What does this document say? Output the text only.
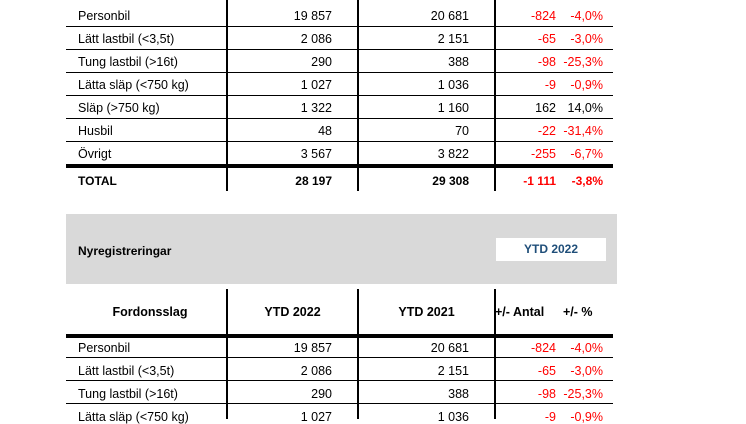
Personbil	19 857	20 681	-824 -4,0%
Lätt lastbil (<3,5t)	2 086	2 151	-65 -3,0%
Tung lastbil (>16t)	290	388	-98 -25,3%
Lätta släp (<750 kg)	1 027	1 036	-9 -0,9%
Släp (>750 kg)	1 322	1 160	162 14,0%
Husbil	48	70	-22 -31,4%
Övrigt	3 567	3 822	-255 -6,7%
TOTAL	28 197	29 308	-1 111 -3,8%
Nyregistreringar	YTD 2022
Fordonsslag	YTD 2022	YTD 2021	+/- Antal +/- %
Personbil	19 857	20 681	-824 -4,0%
Lätt lastbil (<3,5t)	2 086	2 151	-65 -3,0%
Tung lastbil (>16t)	290	388	-98 -25,3%
Lätta släp (<750 kg)	1 027	1 036	-9 -0,9%
